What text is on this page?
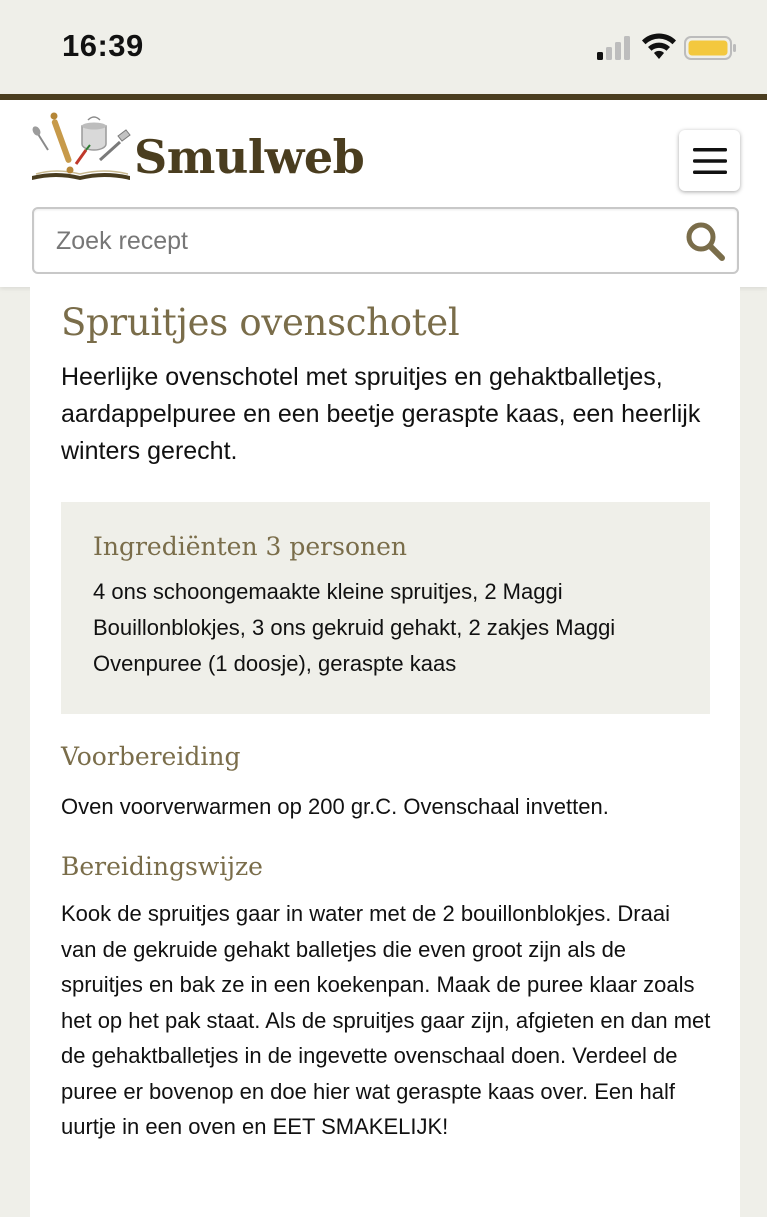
16:39
Smulweb
Zoek recept
Spruitjes ovenschotel

Heerlijke ovenschotel met spruitjes en gehaktballetjes, aardappelpuree en een beetje geraspte kaas, een heerlijk winters gerecht.

Ingrediënten 3 personen

4 ons schoongemaakte kleine spruitjes, 2 Maggi Bouillonblokjes, 3 ons gekruid gehakt, 2 zakjes Maggi Ovenpuree (1 doosje), geraspte kaas

Voorbereiding

Oven voorverwarmen op 200 gr.C. Ovenschaal invetten.

Bereidingswijze

Kook de spruitjes gaar in water met de 2 bouillonblokjes. Draai van de gekruide gehakt balletjes die even groot zijn als de spruitjes en bak ze in een koekenpan. Maak de puree klaar zoals het op het pak staat. Als de spruitjes gaar zijn, afgieten en dan met de gehaktballetjes in de ingevette ovenschaal doen. Verdeel de puree er bovenop en doe hier wat geraspte kaas over. Een half uurtje in een oven en EET SMAKELIJK!
